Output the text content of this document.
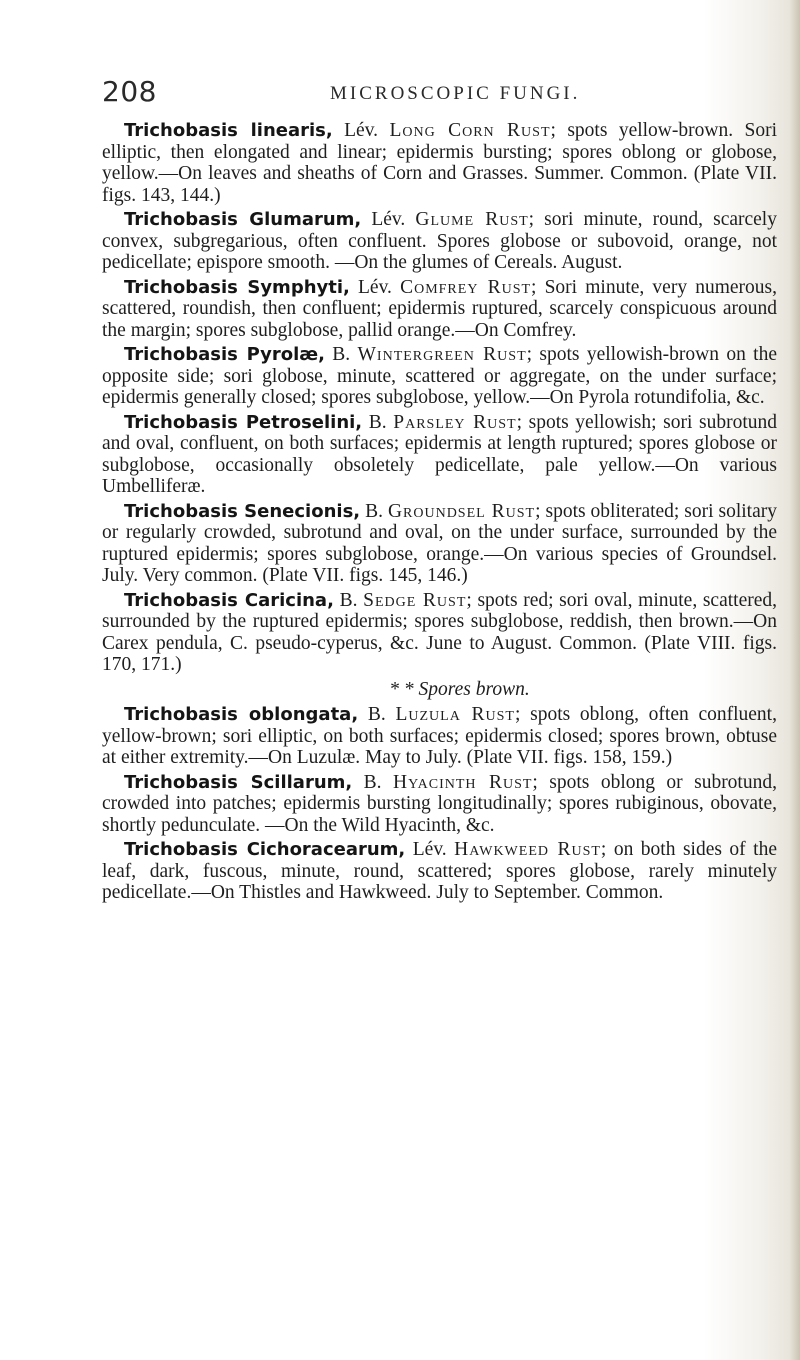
208	MICROSCOPIC FUNGI.

Trichobasis linearis, Lév. Long Corn Rust; spots yellow-brown. Sori elliptic, then elongated and linear; epidermis bursting; spores oblong or globose, yellow.—On leaves and sheaths of Corn and Grasses. Summer. Common. (Plate VII. figs. 143, 144.)

Trichobasis Glumarum, Lév. Glume Rust; sori minute, round, scarcely convex, subgregarious, often confluent. Spores globose or subovoid, orange, not pedicellate; epispore smooth. —On the glumes of Cereals. August.

Trichobasis Symphyti, Lév. Comfrey Rust; Sori minute, very numerous, scattered, roundish, then confluent; epidermis ruptured, scarcely conspicuous around the margin; spores subglobose, pallid orange.—On Comfrey.

Trichobasis Pyrolæ, B. Wintergreen Rust; spots yellowish-brown on the opposite side; sori globose, minute, scattered or aggregate, on the under surface; epidermis generally closed; spores subglobose, yellow.—On Pyrola rotundifolia, &c.

Trichobasis Petroselini, B. Parsley Rust; spots yellowish; sori subrotund and oval, confluent, on both surfaces; epidermis at length ruptured; spores globose or subglobose, occasionally obsoletely pedicellate, pale yellow.—On various Umbelliferæ.

Trichobasis Senecionis, B. Groundsel Rust; spots obliterated; sori solitary or regularly crowded, subrotund and oval, on the under surface, surrounded by the ruptured epidermis; spores subglobose, orange.—On various species of Groundsel. July. Very common. (Plate VII. figs. 145, 146.)

Trichobasis Caricina, B. Sedge Rust; spots red; sori oval, minute, scattered, surrounded by the ruptured epidermis; spores subglobose, reddish, then brown.—On Carex pendula, C. pseudo-cyperus, &c. June to August. Common. (Plate VIII. figs. 170, 171.)

* * Spores brown.

Trichobasis oblongata, B. Luzula Rust; spots oblong, often confluent, yellow-brown; sori elliptic, on both surfaces; epidermis closed; spores brown, obtuse at either extremity.—On Luzulæ. May to July. (Plate VII. figs. 158, 159.)

Trichobasis Scillarum, B. Hyacinth Rust; spots oblong or subrotund, crowded into patches; epidermis bursting longitudinally; spores rubiginous, obovate, shortly pedunculate. —On the Wild Hyacinth, &c.

Trichobasis Cichoracearum, Lév. Hawkweed Rust; on both sides of the leaf, dark, fuscous, minute, round, scattered; spores globose, rarely minutely pedicellate.—On Thistles and Hawkweed. July to September. Common.
